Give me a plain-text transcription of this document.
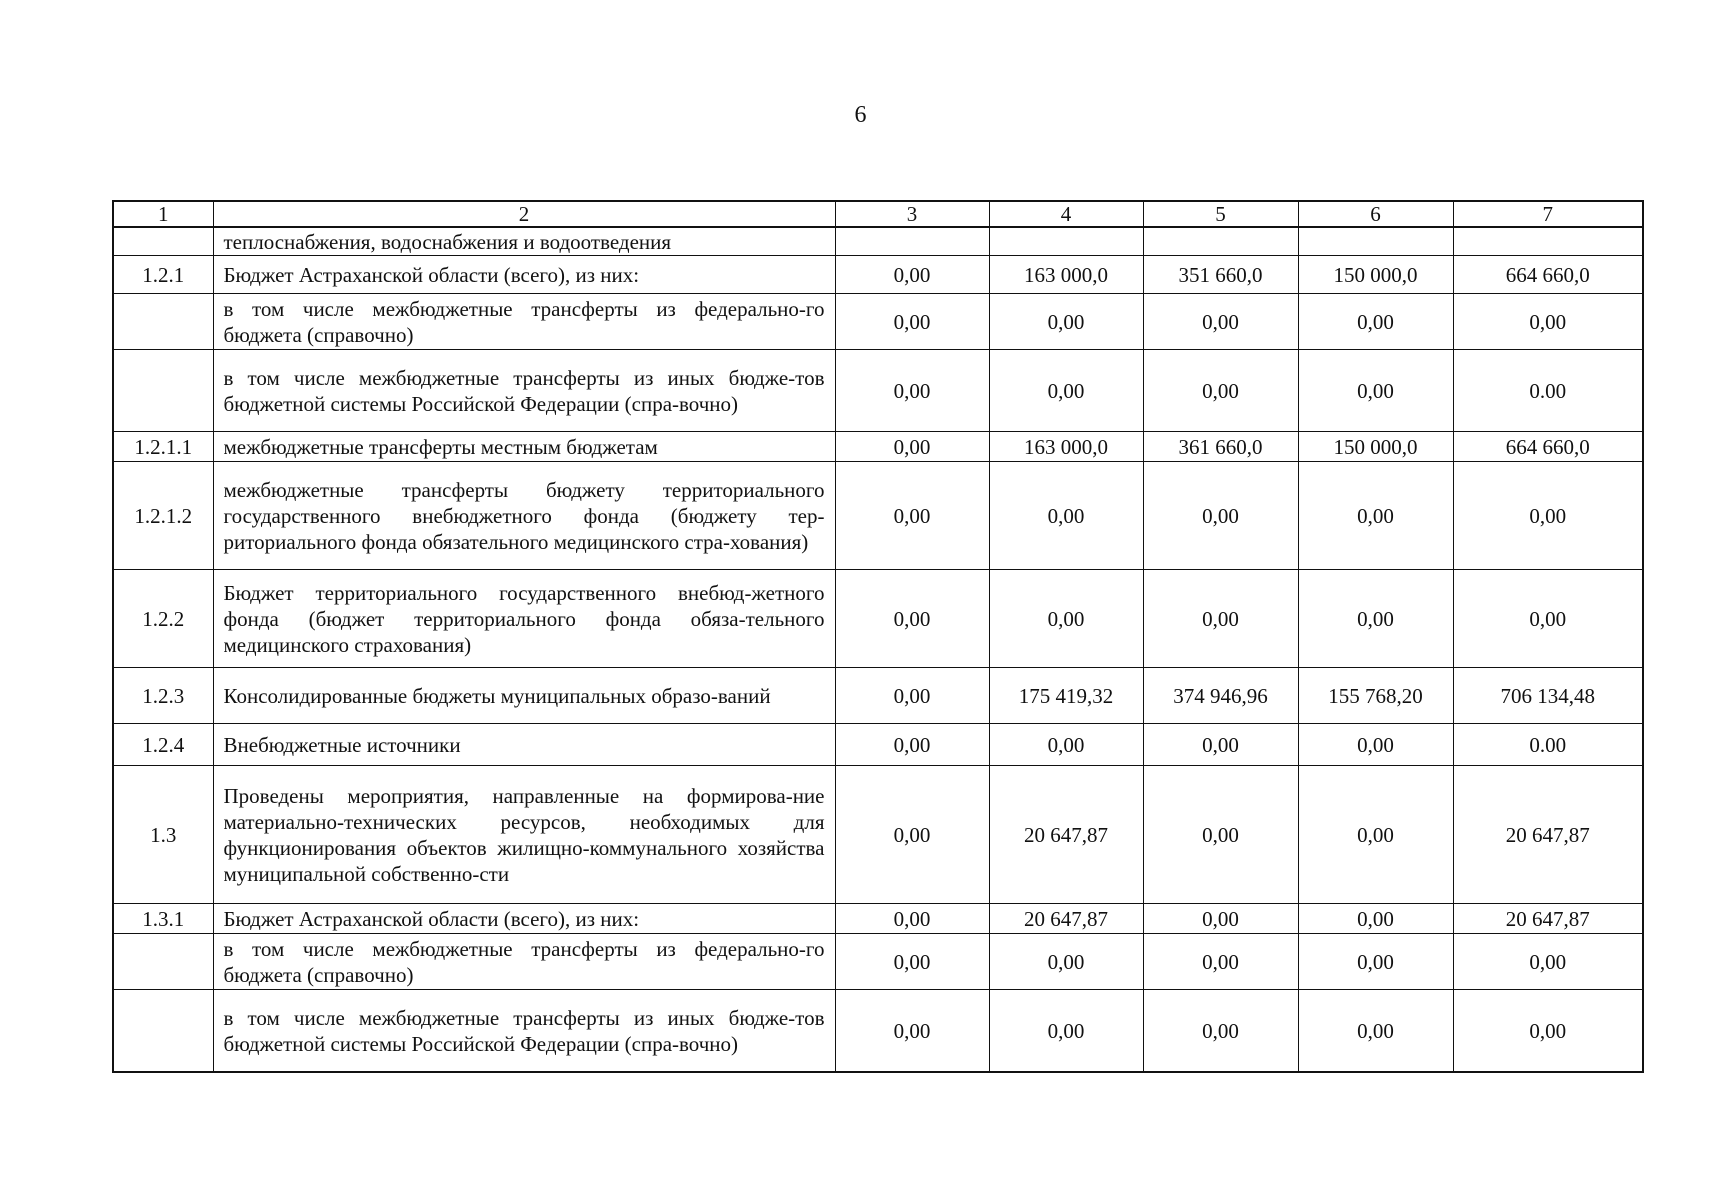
6
1	2	3	4	5	6	7
	теплоснабжения, водоснабжения и водоотведения					
1.2.1	Бюджет Астраханской области (всего), из них:	0,00	163 000,0	351 660,0	150 000,0	664 660,0
	в том числе межбюджетные трансферты из федерально-го бюджета (справочно)	0,00	0,00	0,00	0,00	0,00
	в том числе межбюджетные трансферты из иных бюдже-тов бюджетной системы Российской Федерации (спра-вочно)	0,00	0,00	0,00	0,00	0.00
1.2.1.1	межбюджетные трансферты местным бюджетам	0,00	163 000,0	361 660,0	150 000,0	664 660,0
1.2.1.2	межбюджетные трансферты бюджету территориального государственного внебюджетного фонда (бюджету тер-риториального фонда обязательного медицинского стра-хования)	0,00	0,00	0,00	0,00	0,00
1.2.2	Бюджет территориального государственного внебюд-жетного фонда (бюджет территориального фонда обяза-тельного медицинского страхования)	0,00	0,00	0,00	0,00	0,00
1.2.3	Консолидированные бюджеты муниципальных образо-ваний	0,00	175 419,32	374 946,96	155 768,20	706 134,48
1.2.4	Внебюджетные источники	0,00	0,00	0,00	0,00	0.00
1.3	Проведены мероприятия, направленные на формирова-ние материально-технических ресурсов, необходимых для функционирования объектов жилищно-коммунального хозяйства муниципальной собственно-сти	0,00	20 647,87	0,00	0,00	20 647,87
1.3.1	Бюджет Астраханской области (всего), из них:	0,00	20 647,87	0,00	0,00	20 647,87
	в том числе межбюджетные трансферты из федерально-го бюджета (справочно)	0,00	0,00	0,00	0,00	0,00
	в том числе межбюджетные трансферты из иных бюдже-тов бюджетной системы Российской Федерации (спра-вочно)	0,00	0,00	0,00	0,00	0,00
